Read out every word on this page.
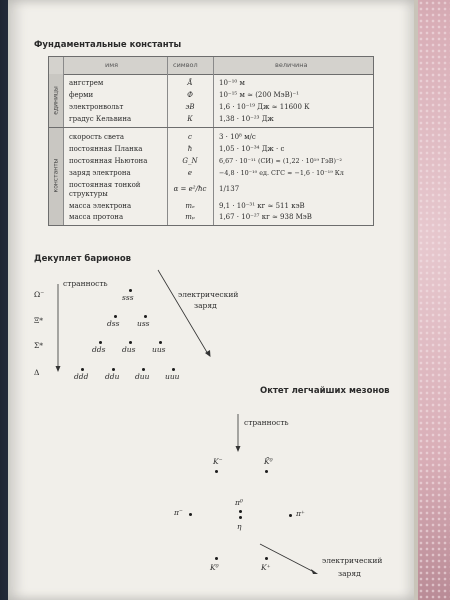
Фундаментальные константы
имя	символ	величина
единицы
константы
ангстрем	Å	10⁻¹⁰ м
ферми	Ф	10⁻¹⁵ м ≈ (200 МэВ)⁻¹
электронвольт	эВ	1,6 · 10⁻¹⁹ Дж ≈ 11600 К
градус Кельвина	К	1,38 · 10⁻²³ Дж
скорость света	c	3 · 10⁸ м/с
постоянная Планка	ħ	1,05 · 10⁻³⁴ Дж · с
постоянная Ньютона	G_N	6,67 · 10⁻¹¹ (СИ) ≈ (1,22 · 10¹⁹ ГэВ)⁻²
заряд электрона	e	−4,8 · 10⁻¹⁰ ед. СГС ≈ −1,6 · 10⁻¹⁹ Кл
постоянная тонкой
структуры
α = e²/ħc	1/137
масса электрона	mₑ	9,1 · 10⁻³¹ кг ≈ 511 кэВ
масса протона	mₚ	1,67 · 10⁻²⁷ кг ≈ 938 МэВ
Декуплет барионов
странность
электрический
заряд
Ω⁻
Ξ*
Σ*
Δ
sss
dss uss
dds dus uus
ddd ddu duu uuu
Октет легчайших мезонов
странность
K⁻	K̄⁰
π⁰
η
π⁻	π⁺
K⁰	K⁺
электрический
заряд
